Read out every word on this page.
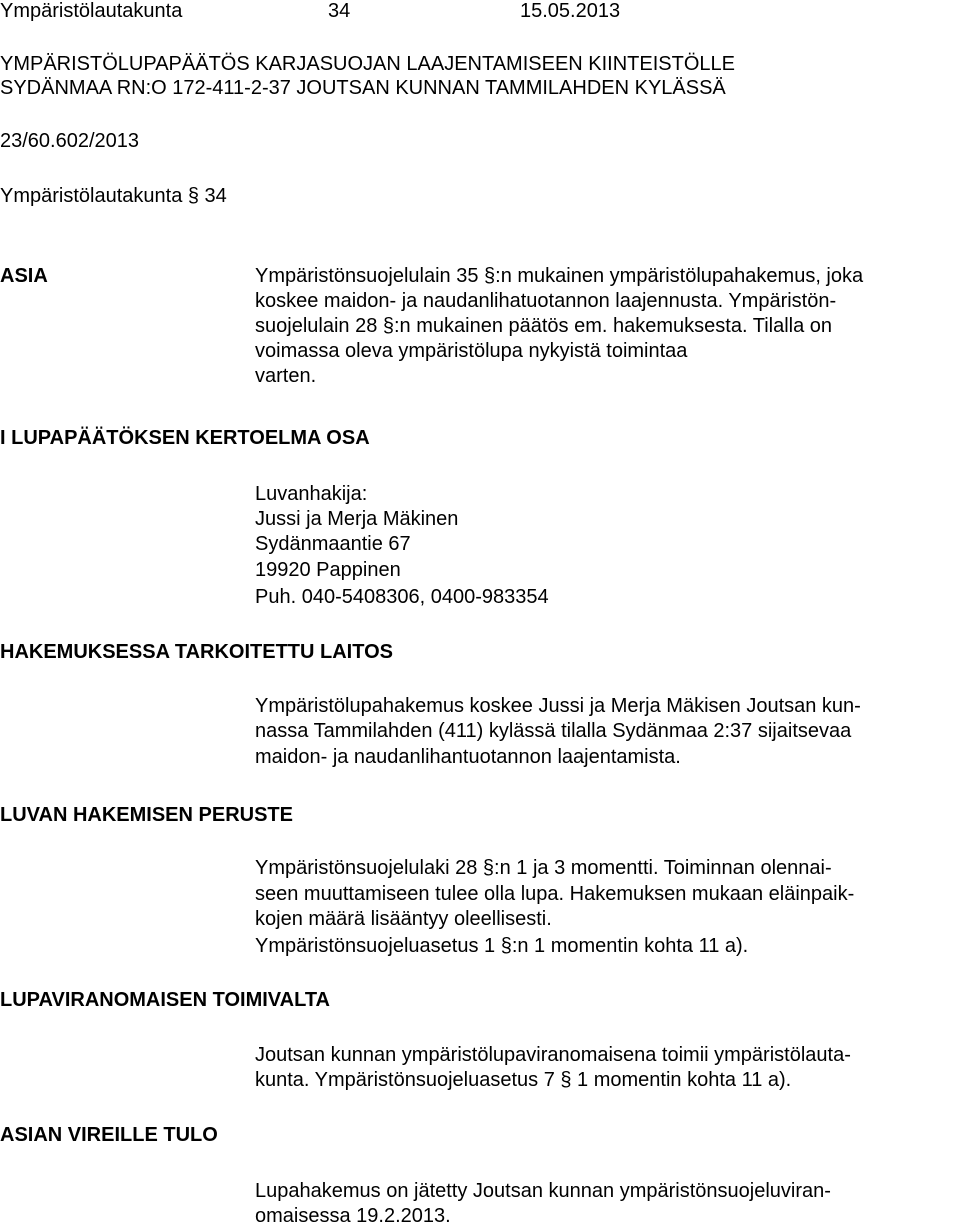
Ympäristölautakunta	34	15.05.2013
YMPÄRISTÖLUPAPÄÄTÖS KARJASUOJAN LAAJENTAMISEEN KIINTEISTÖLLE
SYDÄNMAA RN:O 172-411-2-37 JOUTSAN KUNNAN TAMMILAHDEN KYLÄSSÄ
23/60.602/2013
Ympäristölautakunta § 34
ASIA	Ympäristönsuojelulain 35 §:n mukainen ympäristölupahakemus, joka
koskee maidon- ja naudanlihatuotannon laajennusta. Ympäristön-
suojelulain 28 §:n mukainen päätös em. hakemuksesta. Tilalla on
voimassa oleva ympäristölupa nykyistä toimintaa
varten.
I LUPAPÄÄTÖKSEN KERTOELMA OSA
Luvanhakija:
Jussi ja Merja Mäkinen
Sydänmaantie 67
19920 Pappinen
Puh. 040-5408306, 0400-983354
HAKEMUKSESSA TARKOITETTU LAITOS
Ympäristölupahakemus koskee Jussi ja Merja Mäkisen Joutsan kun-
nassa Tammilahden (411) kylässä tilalla Sydänmaa 2:37 sijaitsevaa
maidon- ja naudanlihantuotannon laajentamista.
LUVAN HAKEMISEN PERUSTE
Ympäristönsuojelulaki 28 §:n 1 ja 3 momentti. Toiminnan olennai-
seen muuttamiseen tulee olla lupa. Hakemuksen mukaan eläinpaik-
kojen määrä lisääntyy oleellisesti.
Ympäristönsuojeluasetus 1 §:n 1 momentin kohta 11 a).
LUPAVIRANOMAISEN TOIMIVALTA
Joutsan kunnan ympäristölupaviranomaisena toimii ympäristölauta-
kunta. Ympäristönsuojeluasetus 7 § 1 momentin kohta 11 a).
ASIAN VIREILLE TULO
Lupahakemus on jätetty Joutsan kunnan ympäristönsuojeluviran-
omaisessa 19.2.2013.
